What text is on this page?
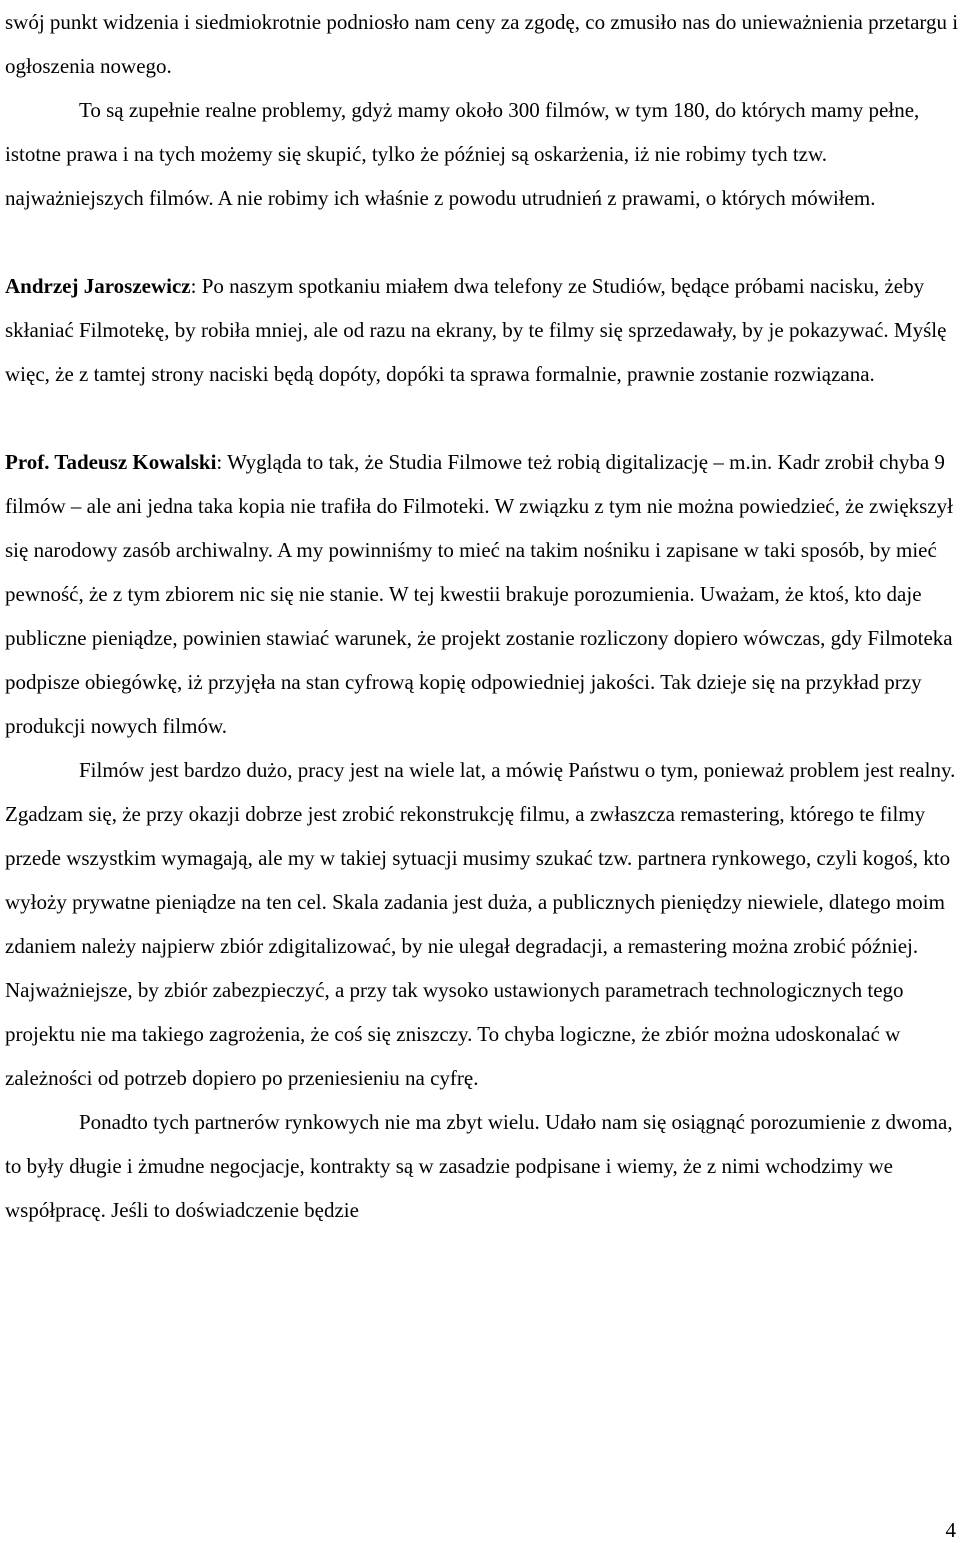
swój punkt widzenia i siedmiokrotnie podniosło nam ceny za zgodę, co zmusiło nas do unieważnienia przetargu i ogłoszenia nowego.

To są zupełnie realne problemy, gdyż mamy około 300 filmów, w tym 180, do których mamy pełne, istotne prawa i na tych możemy się skupić, tylko że później są oskarżenia, iż nie robimy tych tzw. najważniejszych filmów. A nie robimy ich właśnie z powodu utrudnień z prawami, o których mówiłem.

Andrzej Jaroszewicz: Po naszym spotkaniu miałem dwa telefony ze Studiów, będące próbami nacisku, żeby skłaniać Filmotekę, by robiła mniej, ale od razu na ekrany, by te filmy się sprzedawały, by je pokazywać. Myślę więc, że z tamtej strony naciski będą dopóty, dopóki ta sprawa formalnie, prawnie zostanie rozwiązana.

Prof. Tadeusz Kowalski: Wygląda to tak, że Studia Filmowe też robią digitalizację – m.in. Kadr zrobił chyba 9 filmów – ale ani jedna taka kopia nie trafiła do Filmoteki. W związku z tym nie można powiedzieć, że zwiększył się narodowy zasób archiwalny. A my powinniśmy to mieć na takim nośniku i zapisane w taki sposób, by mieć pewność, że z tym zbiorem nic się nie stanie. W tej kwestii brakuje porozumienia. Uważam, że ktoś, kto daje publiczne pieniądze, powinien stawiać warunek, że projekt zostanie rozliczony dopiero wówczas, gdy Filmoteka podpisze obiegówkę, iż przyjęła na stan cyfrową kopię odpowiedniej jakości. Tak dzieje się na przykład przy produkcji nowych filmów.

Filmów jest bardzo dużo, pracy jest na wiele lat, a mówię Państwu o tym, ponieważ problem jest realny. Zgadzam się, że przy okazji dobrze jest zrobić rekonstrukcję filmu, a zwłaszcza remastering, którego te filmy przede wszystkim wymagają, ale my w takiej sytuacji musimy szukać tzw. partnera rynkowego, czyli kogoś, kto wyłoży prywatne pieniądze na ten cel. Skala zadania jest duża, a publicznych pieniędzy niewiele, dlatego moim zdaniem należy najpierw zbiór zdigitalizować, by nie ulegał degradacji, a remastering można zrobić później. Najważniejsze, by zbiór zabezpieczyć, a przy tak wysoko ustawionych parametrach technologicznych tego projektu nie ma takiego zagrożenia, że coś się zniszczy. To chyba logiczne, że zbiór można udoskonalać w zależności od potrzeb dopiero po przeniesieniu na cyfrę.

Ponadto tych partnerów rynkowych nie ma zbyt wielu. Udało nam się osiągnąć porozumienie z dwoma, to były długie i żmudne negocjacje, kontrakty są w zasadzie podpisane i wiemy, że z nimi wchodzimy we współpracę. Jeśli to doświadczenie będzie

4
